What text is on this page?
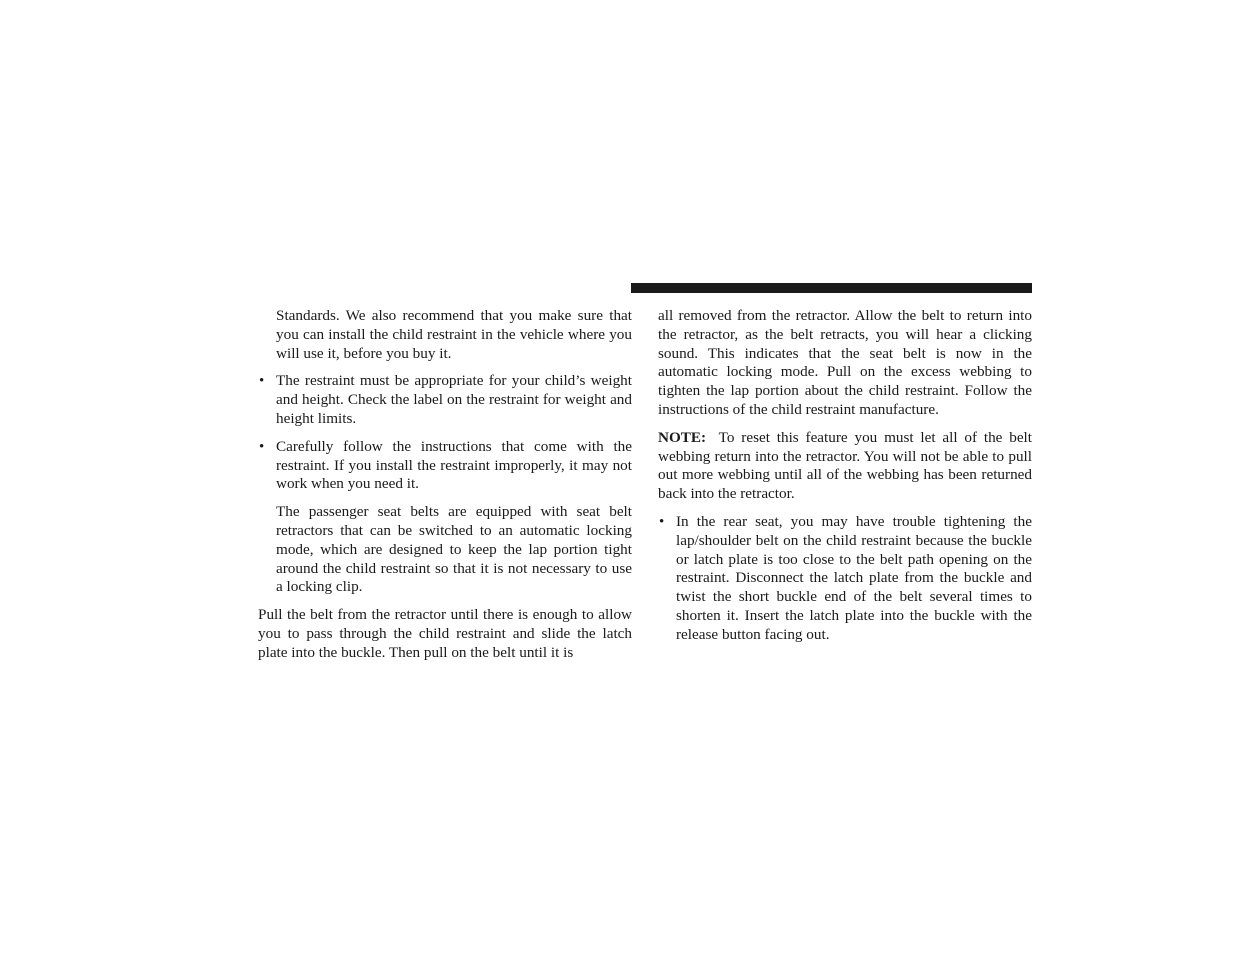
Standards. We also recommend that you make sure that you can install the child restraint in the vehicle where you will use it, before you buy it.

• The restraint must be appropriate for your child’s weight and height. Check the label on the restraint for weight and height limits.
• Carefully follow the instructions that come with the restraint. If you install the restraint improperly, it may not work when you need it.

The passenger seat belts are equipped with seat belt retractors that can be switched to an automatic locking mode, which are designed to keep the lap portion tight around the child restraint so that it is not necessary to use a locking clip.

Pull the belt from the retractor until there is enough to allow you to pass through the child restraint and slide the latch plate into the buckle. Then pull on the belt until it is

all removed from the retractor. Allow the belt to return into the retractor, as the belt retracts, you will hear a clicking sound. This indicates that the seat belt is now in the automatic locking mode. Pull on the excess webbing to tighten the lap portion about the child restraint. Follow the instructions of the child restraint manufacture.

NOTE: To reset this feature you must let all of the belt webbing return into the retractor. You will not be able to pull out more webbing until all of the webbing has been returned back into the retractor.

• In the rear seat, you may have trouble tightening the lap/shoulder belt on the child restraint because the buckle or latch plate is too close to the belt path opening on the restraint. Disconnect the latch plate from the buckle and twist the short buckle end of the belt several times to shorten it. Insert the latch plate into the buckle with the release button facing out.
